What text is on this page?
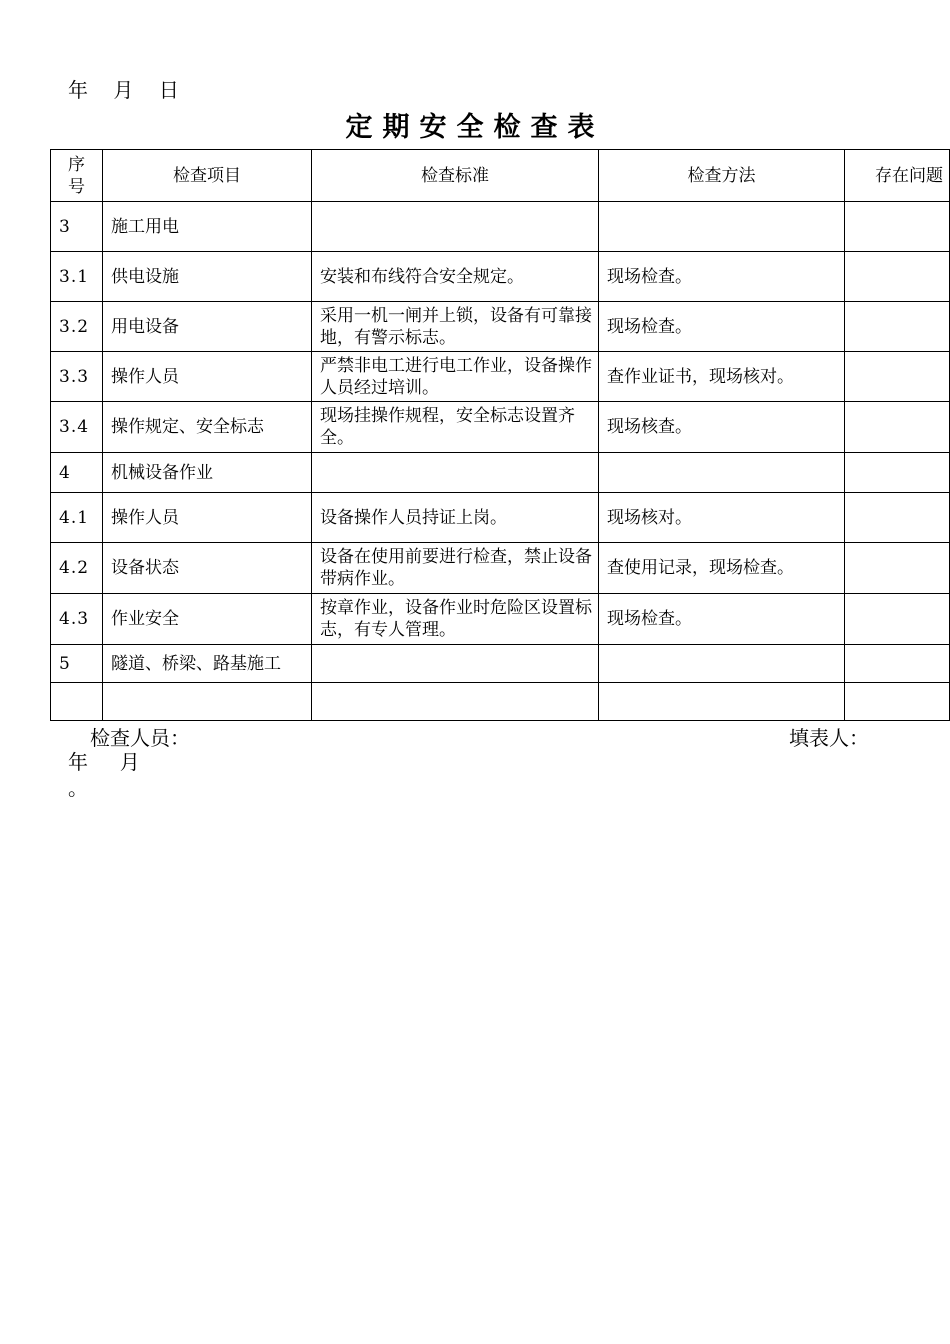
年    月    日
定期安全检查表
序
号	检查项目	检查标准	检查方法	存在问题
3	施工用电			
3.1	供电设施	安装和布线符合安全规定。	现场检查。	
3.2	用电设备	采用一机一闸并上锁，设备有可靠接地，有警示标志。	现场检查。	
3.3	操作人员	严禁非电工进行电工作业，设备操作人员经过培训。	查作业证书，现场核对。	
3.4	操作规定、安全标志	现场挂操作规程，安全标志设置齐全。	现场核查。	
4	机械设备作业			
4.1	操作人员	设备操作人员持证上岗。	现场核对。	
4.2	设备状态	设备在使用前要进行检查，禁止设备带病作业。	查使用记录，现场检查。	
4.3	作业安全	按章作业，设备作业时危险区设置标志，有专人管理。	现场检查。	
5	隧道、桥梁、路基施工			

检查人员：	填表人：
年     月
。
